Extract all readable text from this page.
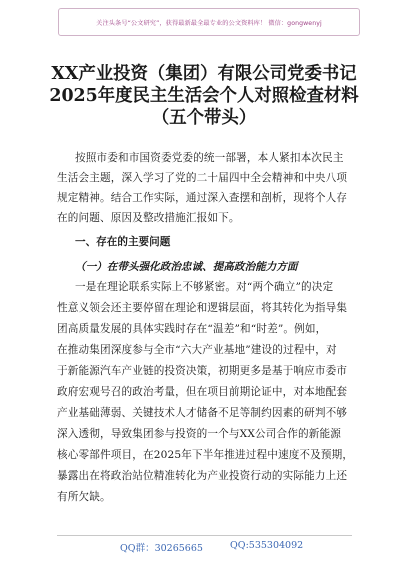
关注头条号“公文研究”，获得最新最全最专业的公文资料库！ 微信：gongwenyj
XX产业投资（集团）有限公司党委书记
2025年度民主生活会个人对照检查材料
（五个带头）
按照市委和市国资委党委的统一部署，本人紧扣本次民主
生活会主题，深入学习了党的二十届四中全会精神和中央八项
规定精神。结合工作实际，通过深入查摆和剖析，现将个人存
在的问题、原因及整改措施汇报如下。
一、存在的主要问题
（一）在带头强化政治忠诚、提高政治能力方面
一是在理论联系实际上不够紧密。对“两个确立”的决定
性意义领会还主要停留在理论和逻辑层面，将其转化为指导集
团高质量发展的具体实践时存在“温差”和“时差”。例如，
在推动集团深度参与全市“六大产业基地”建设的过程中，对
于新能源汽车产业链的投资决策，初期更多是基于响应市委市
政府宏观号召的政治考量，但在项目前期论证中，对本地配套
产业基础薄弱、关键技术人才储备不足等制约因素的研判不够
深入透彻，导致集团参与投资的一个与XX公司合作的新能源
核心零部件项目，在2025年下半年推进过程中速度不及预期，
暴露出在将政治站位精准转化为产业投资行动的实际能力上还
有所欠缺。
QQ群：30265665	QQ:535304092
